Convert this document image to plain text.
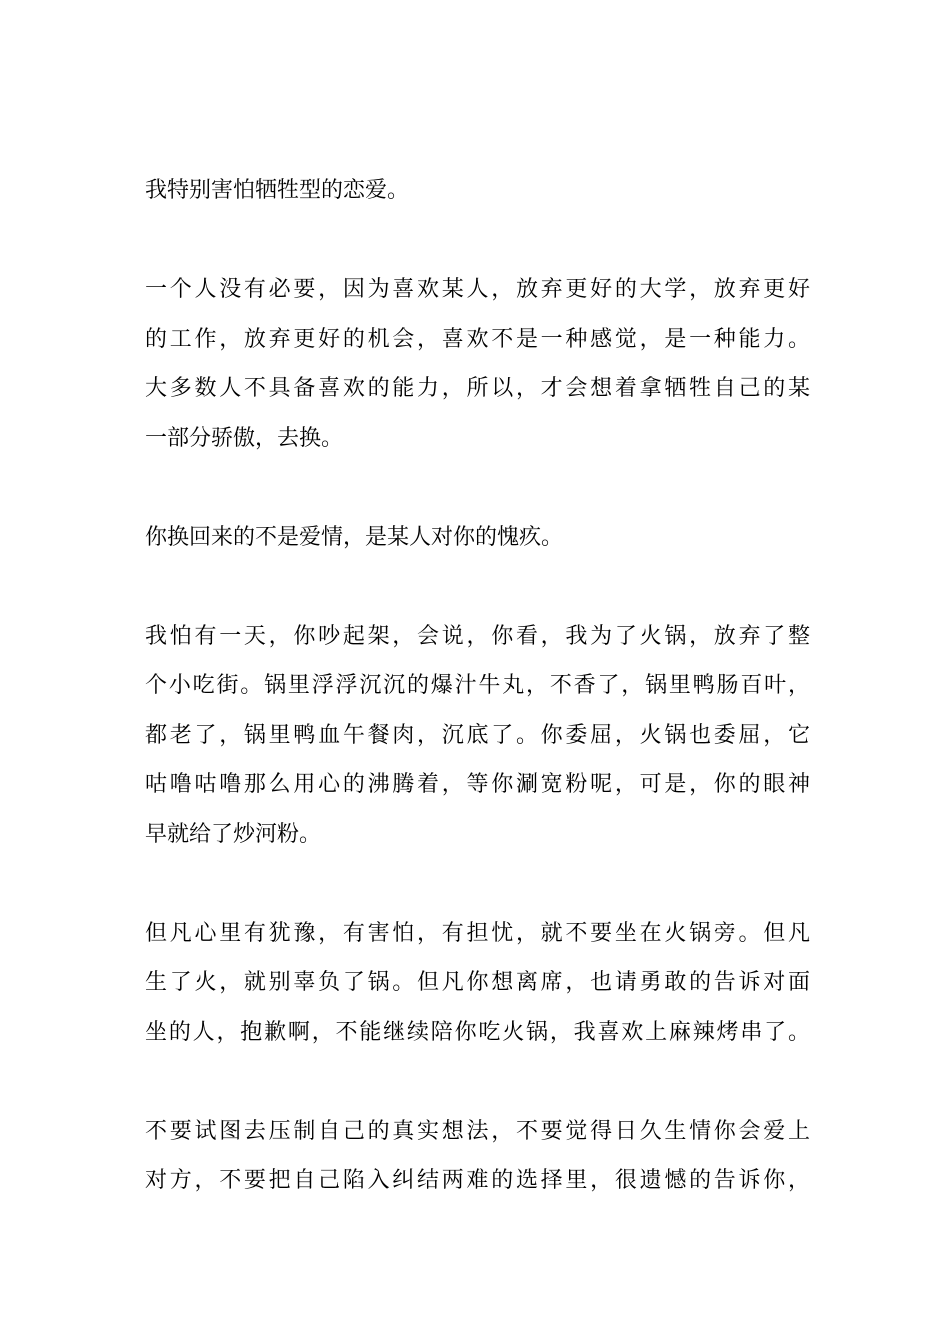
我特别害怕牺牲型的恋爱。
一个人没有必要，因为喜欢某人，放弃更好的大学，放弃更好
的工作，放弃更好的机会，喜欢不是一种感觉，是一种能力。
大多数人不具备喜欢的能力，所以，才会想着拿牺牲自己的某
一部分骄傲，去换。
你换回来的不是爱情，是某人对你的愧疚。
我怕有一天，你吵起架，会说，你看，我为了火锅，放弃了整
个小吃街。锅里浮浮沉沉的爆汁牛丸，不香了，锅里鸭肠百叶，
都老了，锅里鸭血午餐肉，沉底了。你委屈，火锅也委屈，它
咕噜咕噜那么用心的沸腾着，等你涮宽粉呢，可是，你的眼神
早就给了炒河粉。
但凡心里有犹豫，有害怕，有担忧，就不要坐在火锅旁。但凡
生了火，就别辜负了锅。但凡你想离席，也请勇敢的告诉对面
坐的人，抱歉啊，不能继续陪你吃火锅，我喜欢上麻辣烤串了。
不要试图去压制自己的真实想法，不要觉得日久生情你会爱上
对方，不要把自己陷入纠结两难的选择里，很遗憾的告诉你，
